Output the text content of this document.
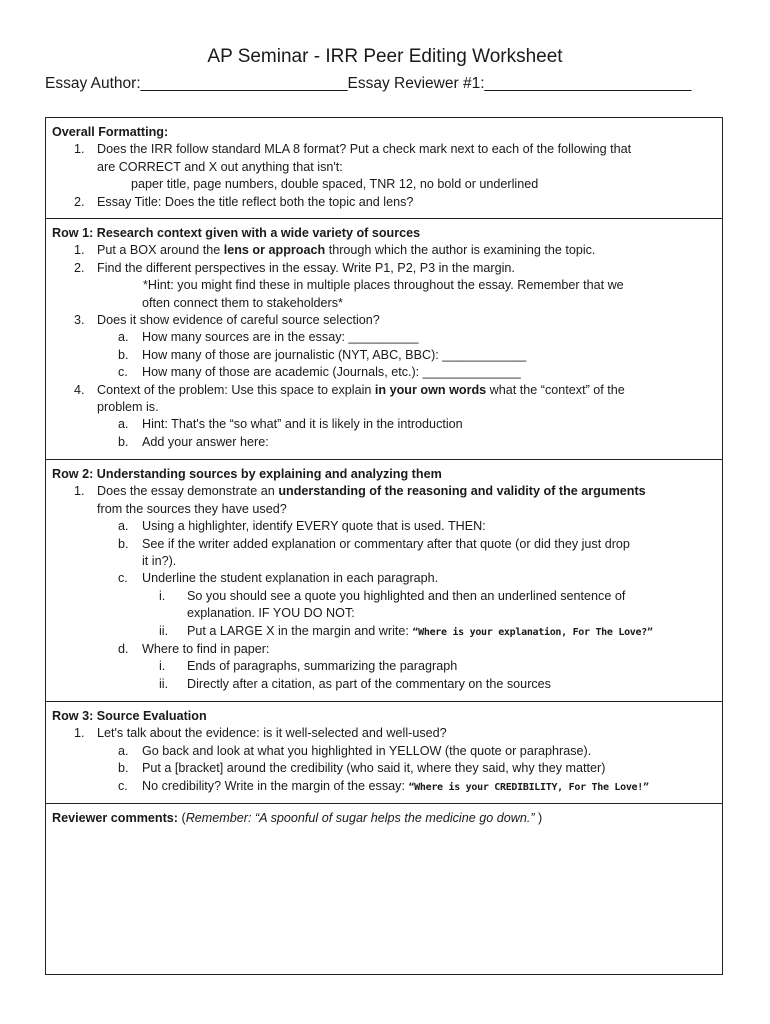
AP Seminar - IRR Peer Editing Worksheet
Essay Author:________________________Essay Reviewer #1:________________________
Overall Formatting:
1. Does the IRR follow standard MLA 8 format? Put a check mark next to each of the following that
are CORRECT and X out anything that isn't:
paper title, page numbers, double spaced, TNR 12, no bold or underlined
2. Essay Title: Does the title reflect both the topic and lens?
Row 1: Research context given with a wide variety of sources
1. Put a BOX around the lens or approach through which the author is examining the topic.
2. Find the different perspectives in the essay. Write P1, P2, P3 in the margin.
*Hint: you might find these in multiple places throughout the essay. Remember that we
often connect them to stakeholders*
3. Does it show evidence of careful source selection?
a. How many sources are in the essay: __________
b. How many of those are journalistic (NYT, ABC, BBC): ____________
c. How many of those are academic (Journals, etc.): ______________
4. Context of the problem: Use this space to explain in your own words what the “context” of the
problem is.
a. Hint: That's the “so what” and it is likely in the introduction
b. Add your answer here:
Row 2: Understanding sources by explaining and analyzing them
1. Does the essay demonstrate an understanding of the reasoning and validity of the arguments
from the sources they have used?
a. Using a highlighter, identify EVERY quote that is used. THEN:
b. See if the writer added explanation or commentary after that quote (or did they just drop
it in?).
c. Underline the student explanation in each paragraph.
i. So you should see a quote you highlighted and then an underlined sentence of
explanation. IF YOU DO NOT:
ii. Put a LARGE X in the margin and write: “Where is your explanation, For The Love?”
d. Where to find in paper:
i. Ends of paragraphs, summarizing the paragraph
ii. Directly after a citation, as part of the commentary on the sources
Row 3: Source Evaluation
1. Let's talk about the evidence: is it well-selected and well-used?
a. Go back and look at what you highlighted in YELLOW (the quote or paraphrase).
b. Put a [bracket] around the credibility (who said it, where they said, why they matter)
c. No credibility? Write in the margin of the essay: “Where is your CREDIBILITY, For The Love!”
Reviewer comments: (Remember: “A spoonful of sugar helps the medicine go down.” )
